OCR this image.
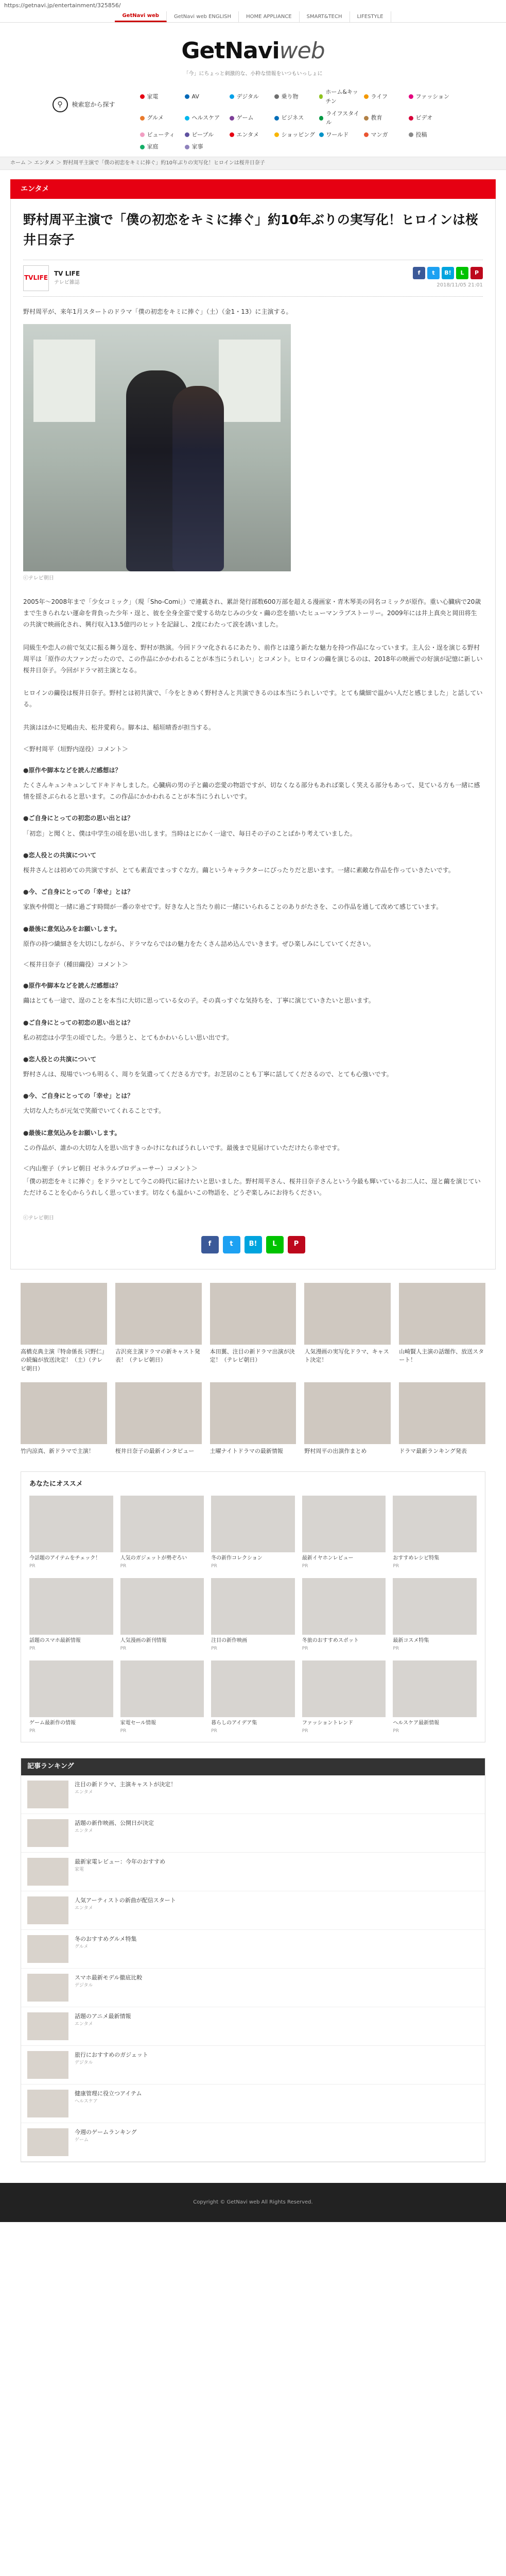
https://getnavi.jp/entertainment/325856/
GetNavi web	GetNavi web ENGLISH	HOME APPLIANCE	SMART&TECH	LIFESTYLE
GetNaviweb
「今」にちょっと刺激的な、小粋な情報をいつもいっしょに
⚲	検索窓から探す
家電	AV	デジタル	乗り物
ホーム&キッチン
ライフ	ファッション
グルメ	ヘルスケア	ゲーム	ビジネス
ライフスタイル
教育	ビデオ
ビューティ	ピープル	エンタメ	ショッピング ワールド	マンガ	投稿
家庭	家事
ホーム ＞ エンタメ ＞ 野村周平主演で「僕の初恋をキミに捧ぐ」約10年ぶりの実写化！ヒロインは桜井日奈子
エンタメ
野村周平主演で「僕の初恋をキミに捧ぐ」約10年ぶりの実写化！ヒロインは桜井日奈子
TVLIFE
TV LIFE
テレビ雑誌
f	t	B!	L	P
2018/11/05 21:01

野村周平が、来年1月スタートのドラマ「僕の初恋をキミに捧ぐ」（土）（金1・13）に主演する。

ⓒテレビ朝日

2005年～2008年まで「少女コミック」（現「Sho-Comi」）で連載され、累計発行部数600万部を超える漫画家・青木琴美の同名コミックが原作。重い心臓病で20歳まで生きられない運命を背負った少年・逞と、彼を全身全霊で愛する幼なじみの少女・繭の恋を描いたヒューマンラブストーリー。2009年には井上真央と岡田将生の共演で映画化され、興行収入13.5億円のヒットを記録し、2度にわたって涙を誘いました。

同級生や恋人の前で気丈に振る舞う逞を、野村が熱演。今回ドラマ化されるにあたり、前作とは違う新たな魅力を持つ作品になっています。主人公・逞を演じる野村周平は「原作の大ファンだったので、この作品にかかわれることが本当にうれしい」とコメント。ヒロインの繭を演じるのは、2018年の映画での好演が記憶に新しい桜井日奈子。今回がドラマ初主演となる。

ヒロインの繭役は桜井日奈子。野村とは初共演で、「今をときめく野村さんと共演できるのは本当にうれしいです。とても繊細で温かい人だと感じました」と話している。

共演はほかに児嶋由夫、松井愛莉ら。脚本は、稲垣晴香が担当する。

＜野村周平（垣野内逞役）コメント＞
●原作や脚本などを読んだ感想は？
たくさんキュンキュンしてドキドキしました。心臓病の男の子と繭の恋愛の物語ですが、切なくなる部分もあれば楽しく笑える部分もあって、見ている方も一緒に感情を揺さぶられると思います。この作品にかかわれることが本当にうれしいです。
●ご自身にとっての初恋の思い出とは？
「初恋」と聞くと、僕は中学生の頃を思い出します。当時はとにかく一途で、毎日その子のことばかり考えていました。
●恋人役との共演について
桜井さんとは初めての共演ですが、とても素直でまっすぐな方。繭というキャラクターにぴったりだと思います。一緒に素敵な作品を作っていきたいです。
●今、ご自身にとっての「幸せ」とは？
家族や仲間と一緒に過ごす時間が一番の幸せです。好きな人と当たり前に一緒にいられることのありがたさを、この作品を通して改めて感じています。
●最後に意気込みをお願いします。
原作の持つ繊細さを大切にしながら、ドラマならではの魅力をたくさん詰め込んでいきます。ぜひ楽しみにしていてください。
＜桜井日奈子（種田繭役）コメント＞
●原作や脚本などを読んだ感想は？
繭はとても一途で、逞のことを本当に大切に思っている女の子。その真っすぐな気持ちを、丁寧に演じていきたいと思います。
●ご自身にとっての初恋の思い出とは？
私の初恋は小学生の頃でした。今思うと、とてもかわいらしい思い出です。
●恋人役との共演について
野村さんは、現場でいつも明るく、周りを気遣ってくださる方です。お芝居のことも丁寧に話してくださるので、とても心強いです。
●今、ご自身にとっての「幸せ」とは？
大切な人たちが元気で笑顔でいてくれることです。
●最後に意気込みをお願いします。
この作品が、誰かの大切な人を思い出すきっかけになればうれしいです。最後まで見届けていただけたら幸せです。
＜内山聖子（テレビ朝日 ゼネラルプロデューサー）コメント＞
「僕の初恋をキミに捧ぐ」をドラマとして今この時代に届けたいと思いました。野村周平さん、桜井日奈子さんという今最も輝いているお二人に、逞と繭を演じていただけることを心からうれしく思っています。切なくも温かいこの物語を、どうぞ楽しみにお待ちください。
ⓒテレビ朝日
f	t	B!	L	P
高橋克典主演『特命係長 只野仁』の続編が放送決定！（土）（テレビ朝日）
吉沢亮主演ドラマの新キャスト発表！（テレビ朝日）
本田翼、注目の新ドラマ出演が決定！（テレビ朝日）
人気漫画の実写化ドラマ、キャスト決定！
山崎賢人主演の話題作、放送スタート！
竹内涼真、新ドラマで主演！	桜井日奈子の最新インタビュー	土曜ナイトドラマの最新情報	野村周平の出演作まとめ	ドラマ最新ランキング発表
あなたにオススメ
今話題のアイテムをチェック！
PR
人気のガジェットが勢ぞろい
PR
冬の新作コレクション
PR
最新イヤホンレビュー
PR
おすすめレシピ特集
PR
話題のスマホ最新情報
PR
人気漫画の新刊情報
PR
注目の新作映画
PR
冬旅のおすすめスポット
PR
最新コスメ特集
PR
ゲーム最新作の情報
PR
家電セール情報
PR
暮らしのアイデア集
PR
ファッショントレンド
PR
ヘルスケア最新情報
PR
記事ランキング
注目の新ドラマ、主演キャストが決定！
エンタメ
話題の新作映画、公開日が決定
エンタメ
最新家電レビュー：今年のおすすめ
家電
人気アーティストの新曲が配信スタート
エンタメ
冬のおすすめグルメ特集
グルメ
スマホ最新モデル徹底比較
デジタル
話題のアニメ最新情報
エンタメ
旅行におすすめのガジェット
デジタル
健康管理に役立つアイテム
ヘルスケア
今週のゲームランキング
ゲーム
Copyright © GetNavi web All Rights Reserved.
